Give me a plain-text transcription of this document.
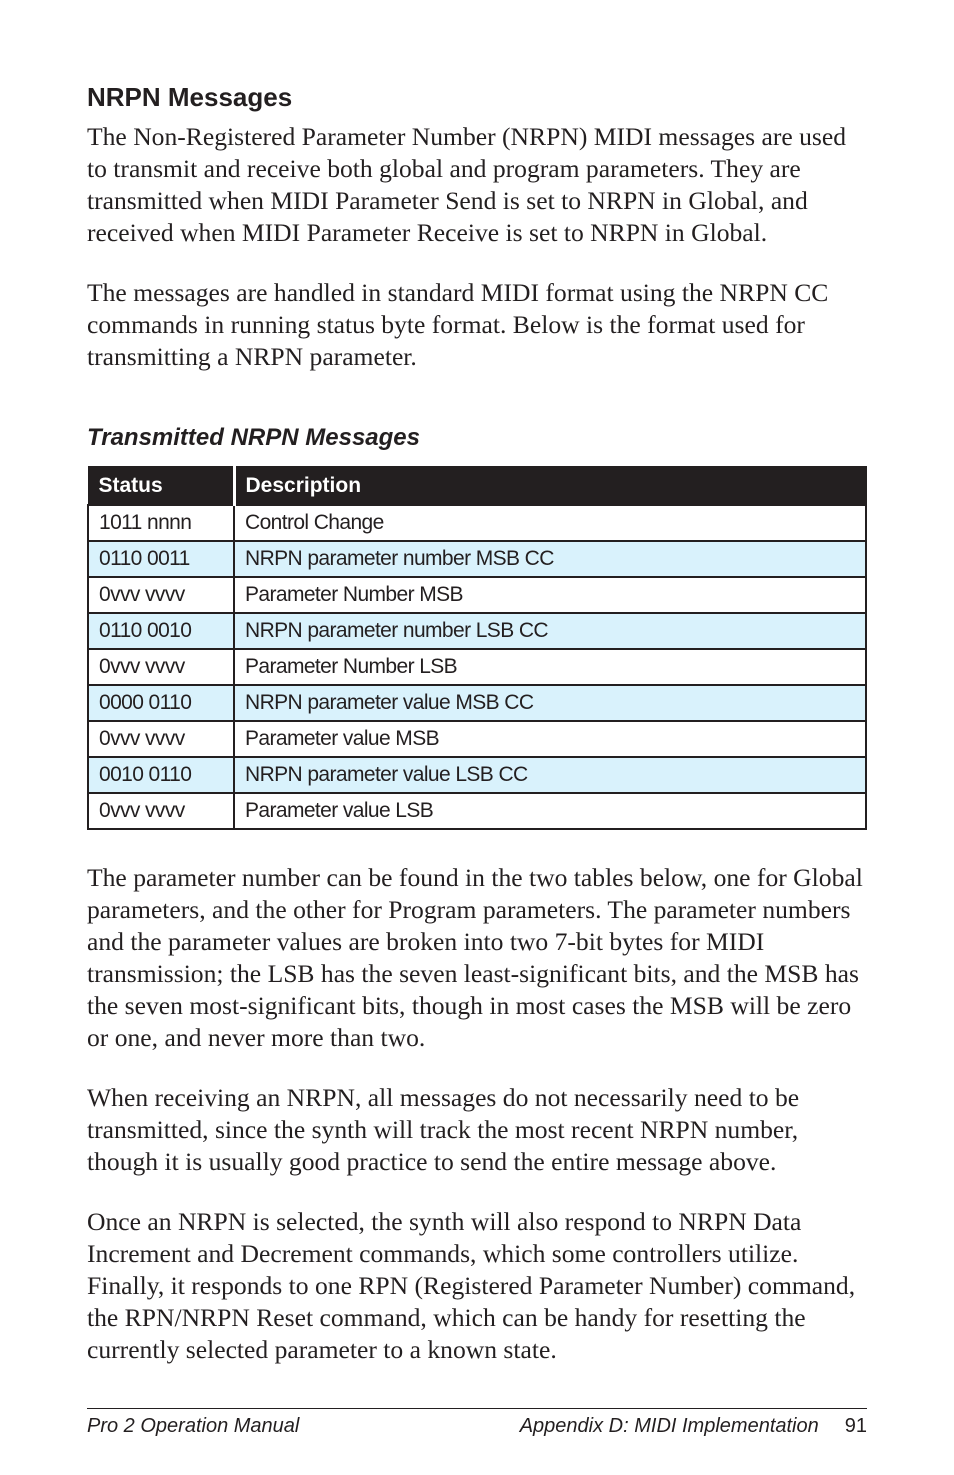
NRPN Messages

The Non-Registered Parameter Number (NRPN) MIDI messages are used to transmit and receive both global and program parameters. They are transmitted when MIDI Parameter Send is set to NRPN in Global, and received when MIDI Parameter Receive is set to NRPN in Global.

The messages are handled in standard MIDI format using the NRPN CC commands in running status byte format. Below is the format used for transmitting a NRPN parameter.

Transmitted NRPN Messages
Status	Description
1011 nnnn	Control Change
0110 0011	NRPN parameter number MSB CC
0vvv vvvv	Parameter Number MSB
0110 0010	NRPN parameter number LSB CC
0vvv vvvv	Parameter Number LSB
0000 0110	NRPN parameter value MSB CC
0vvv vvvv	Parameter value MSB
0010 0110	NRPN parameter value LSB CC
0vvv vvvv	Parameter value LSB

The parameter number can be found in the two tables below, one for Global parameters, and the other for Program parameters. The parameter numbers and the parameter values are broken into two 7-bit bytes for MIDI transmission; the LSB has the seven least-significant bits, and the MSB has the seven most-significant bits, though in most cases the MSB will be zero or one, and never more than two.

When receiving an NRPN, all messages do not necessarily need to be transmitted, since the synth will track the most recent NRPN number, though it is usually good practice to send the entire message above.

Once an NRPN is selected, the synth will also respond to NRPN Data Increment and Decrement commands, which some controllers utilize. Finally, it responds to one RPN (Registered Parameter Number) command, the RPN/NRPN Reset command, which can be handy for resetting the currently selected parameter to a known state.

Pro 2 Operation Manual	Appendix D: MIDI Implementation 91
